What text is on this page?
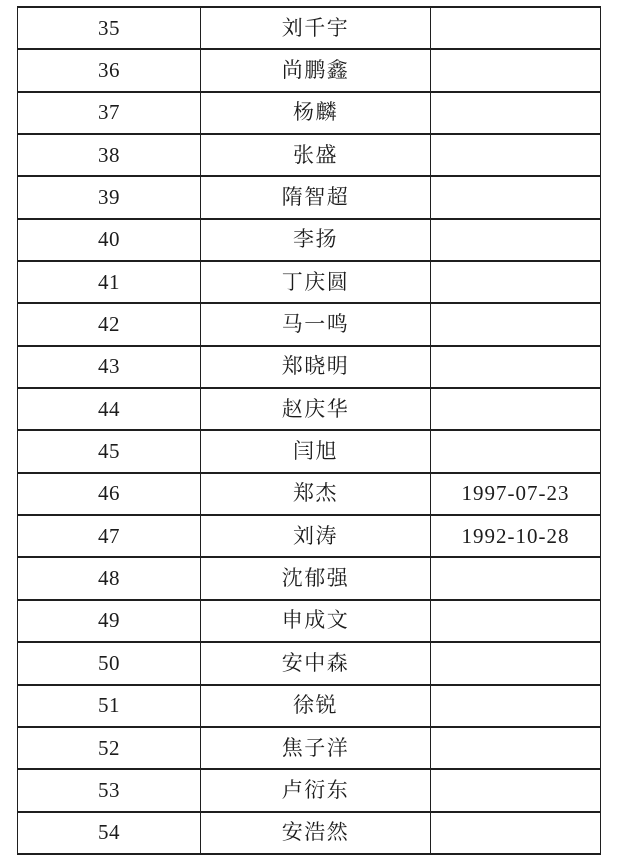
35	刘千宇	
36	尚鹏鑫	
37	杨麟	
38	张盛	
39	隋智超	
40	李扬	
41	丁庆圆	
42	马一鸣	
43	郑晓明	
44	赵庆华	
45	闫旭	
46	郑杰	1997-07-23
47	刘涛	1992-10-28
48	沈郁强	
49	申成文	
50	安中森	
51	徐锐	
52	焦子洋	
53	卢衍东	
54	安浩然	
